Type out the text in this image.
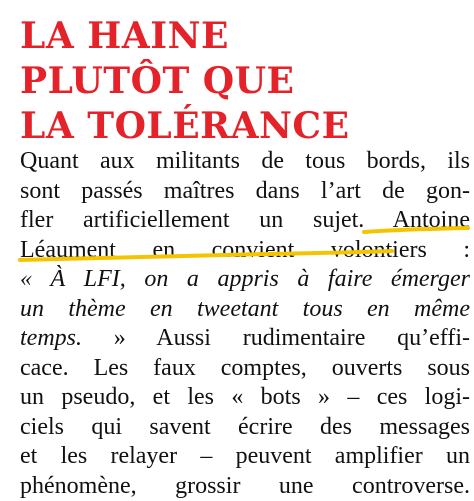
LA HAINE
PLUTÔT QUE
LA TOLÉRANCE
Quant aux militants de tous bords, ils
sont passés maîtres dans l’art de gon-
fler artificiellement un sujet. Antoine
Léaument en convient volontiers :
« À LFI, on a appris à faire émerger
un thème en tweetant tous en même
temps. » Aussi rudimentaire qu’effi-
cace. Les faux comptes, ouverts sous
un pseudo, et les « bots » – ces logi-
ciels qui savent écrire des messages
et les relayer – peuvent amplifier un
phénomène, grossir une controverse.
